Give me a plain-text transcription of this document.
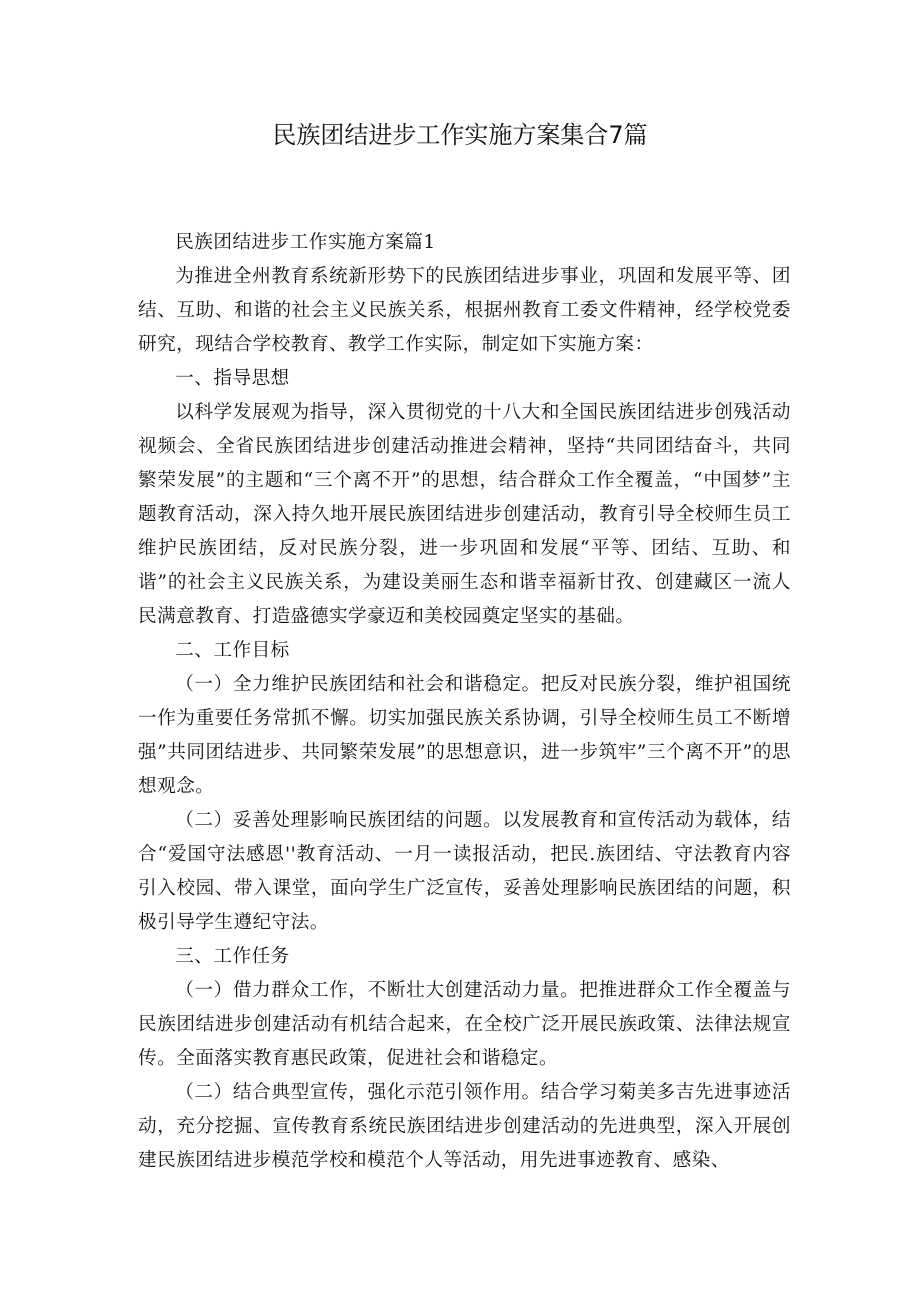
民族团结进步工作实施方案集合7篇

民族团结进步工作实施方案篇1

为推进全州教育系统新形势下的民族团结进步事业，巩固和发展平等、团结、互助、和谐的社会主义民族关系，根据州教育工委文件精神，经学校党委研究，现结合学校教育、教学工作实际，制定如下实施方案：

一、指导思想

以科学发展观为指导，深入贯彻党的十八大和全国民族团结进步创残活动视频会、全省民族团结进步创建活动推进会精神，坚持“共同团结奋斗，共同繁荣发展”的主题和“三个离不开”的思想，结合群众工作全覆盖，“中国梦”主题教育活动，深入持久地开展民族团结进步创建活动，教育引导全校师生员工维护民族团结，反对民族分裂，进一步巩固和发展“平等、团结、互助、和谐”的社会主义民族关系，为建设美丽生态和谐幸福新甘孜、创建藏区一流人民满意教育、打造盛德实学豪迈和美校园奠定坚实的基础。

二、工作目标

（一）全力维护民族团结和社会和谐稳定。把反对民族分裂，维护祖国统一作为重要任务常抓不懈。切实加强民族关系协调，引导全校师生员工不断增强”共同团结进步、共同繁荣发展”的思想意识，进一步筑牢”三个离不开”的思想观念。

（二）妥善处理影响民族团结的问题。以发展教育和宣传活动为载体，结合“爱国守法感恩''教育活动、一月一读报活动，把民.族团结、守法教育内容引入校园、带入课堂，面向学生广泛宣传，妥善处理影响民族团结的问题，积极引导学生遵纪守法。

三、工作任务

（一）借力群众工作，不断壮大创建活动力量。把推进群众工作全覆盖与民族团结进步创建活动有机结合起来，在全校广泛开展民族政策、法律法规宣传。全面落实教育惠民政策，促进社会和谐稳定。

（二）结合典型宣传，强化示范引领作用。结合学习菊美多吉先进事迹活动，充分挖掘、宣传教育系统民族团结进步创建活动的先进典型，深入开展创建民族团结进步模范学校和模范个人等活动，用先进事迹教育、感染、
